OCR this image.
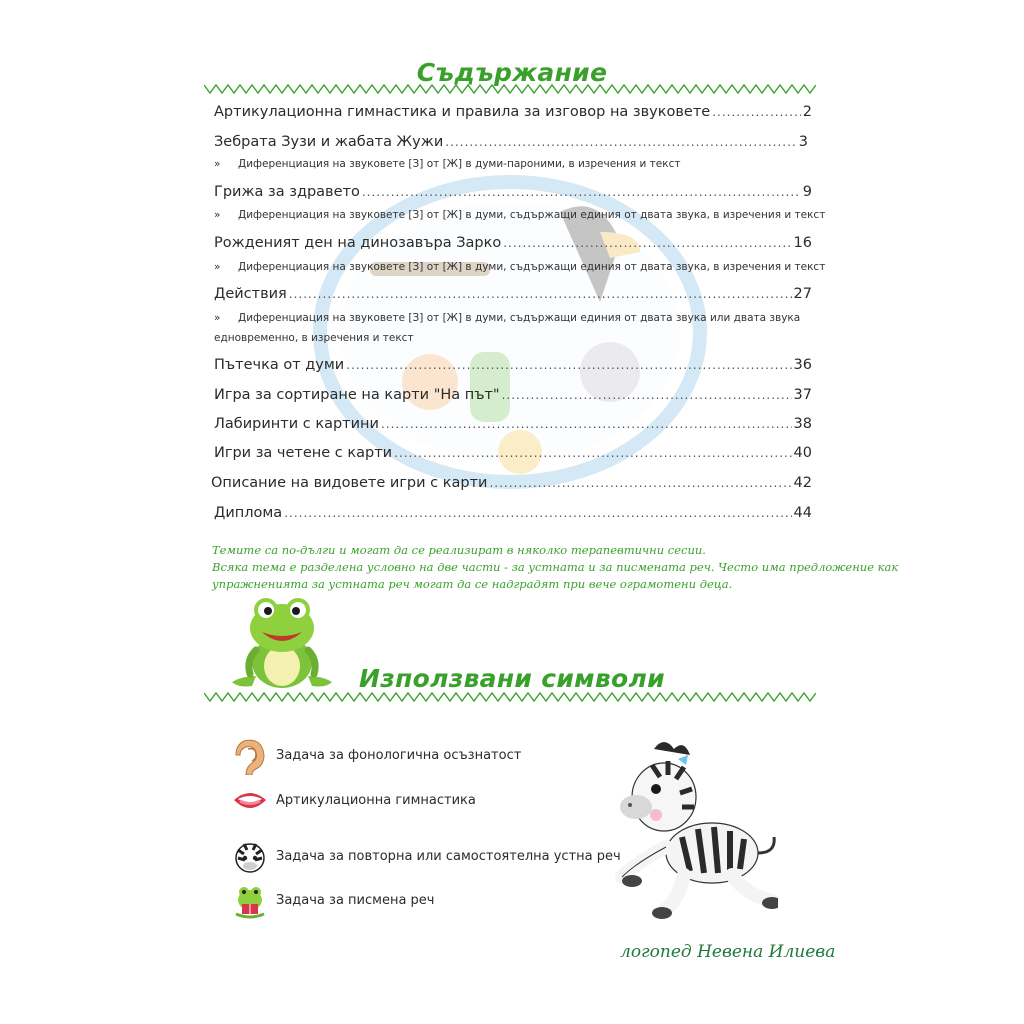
Съдържание
Артикулационна гимнастика и правила за изговор на звуковете .....	2
Зебрата Зузи и жабата Жужи .....	3
» Диференциация на звуковете [З] от [Ж] в думи-пароними, в изречения и текст
Грижа за здравето .....	9
» Диференциация на звуковете [З] от [Ж] в думи, съдържащи единия от двата звука, в изречения и текст
Рожденият ден на динозавъра Зарко .....	16
» Диференциация на звуковете [З] от [Ж] в думи, съдържащи единия от двата звука, в изречения и текст
Действия .....	27
» Диференциация на звуковете [З] от [Ж] в думи, съдържащи единия от двата звука или двата звука
едновременно, в изречения и текст
Пътечка от думи .....	36
Игра за сортиране на карти "На път" .....	37
Лабиринти с картини .....	38
Игри за четене с карти .....	40
Описание на видовете игри с карти .....	42
Диплома .....	44
Темите са по-дълги и могат да се реализират в няколко терапевтични сесии.
Всяка тема е разделена условно на две части - за устната и за писмената реч. Често има предложение как
упражненията за устната реч могат да се надградят при вече ограмотени деца.
Използвани символи
Задача за фонологична осъзнатост
Артикулационна гимнастика
Задача за повторна или самостоятелна устна реч
Задача за писмена реч
логопед Невена Илиева
